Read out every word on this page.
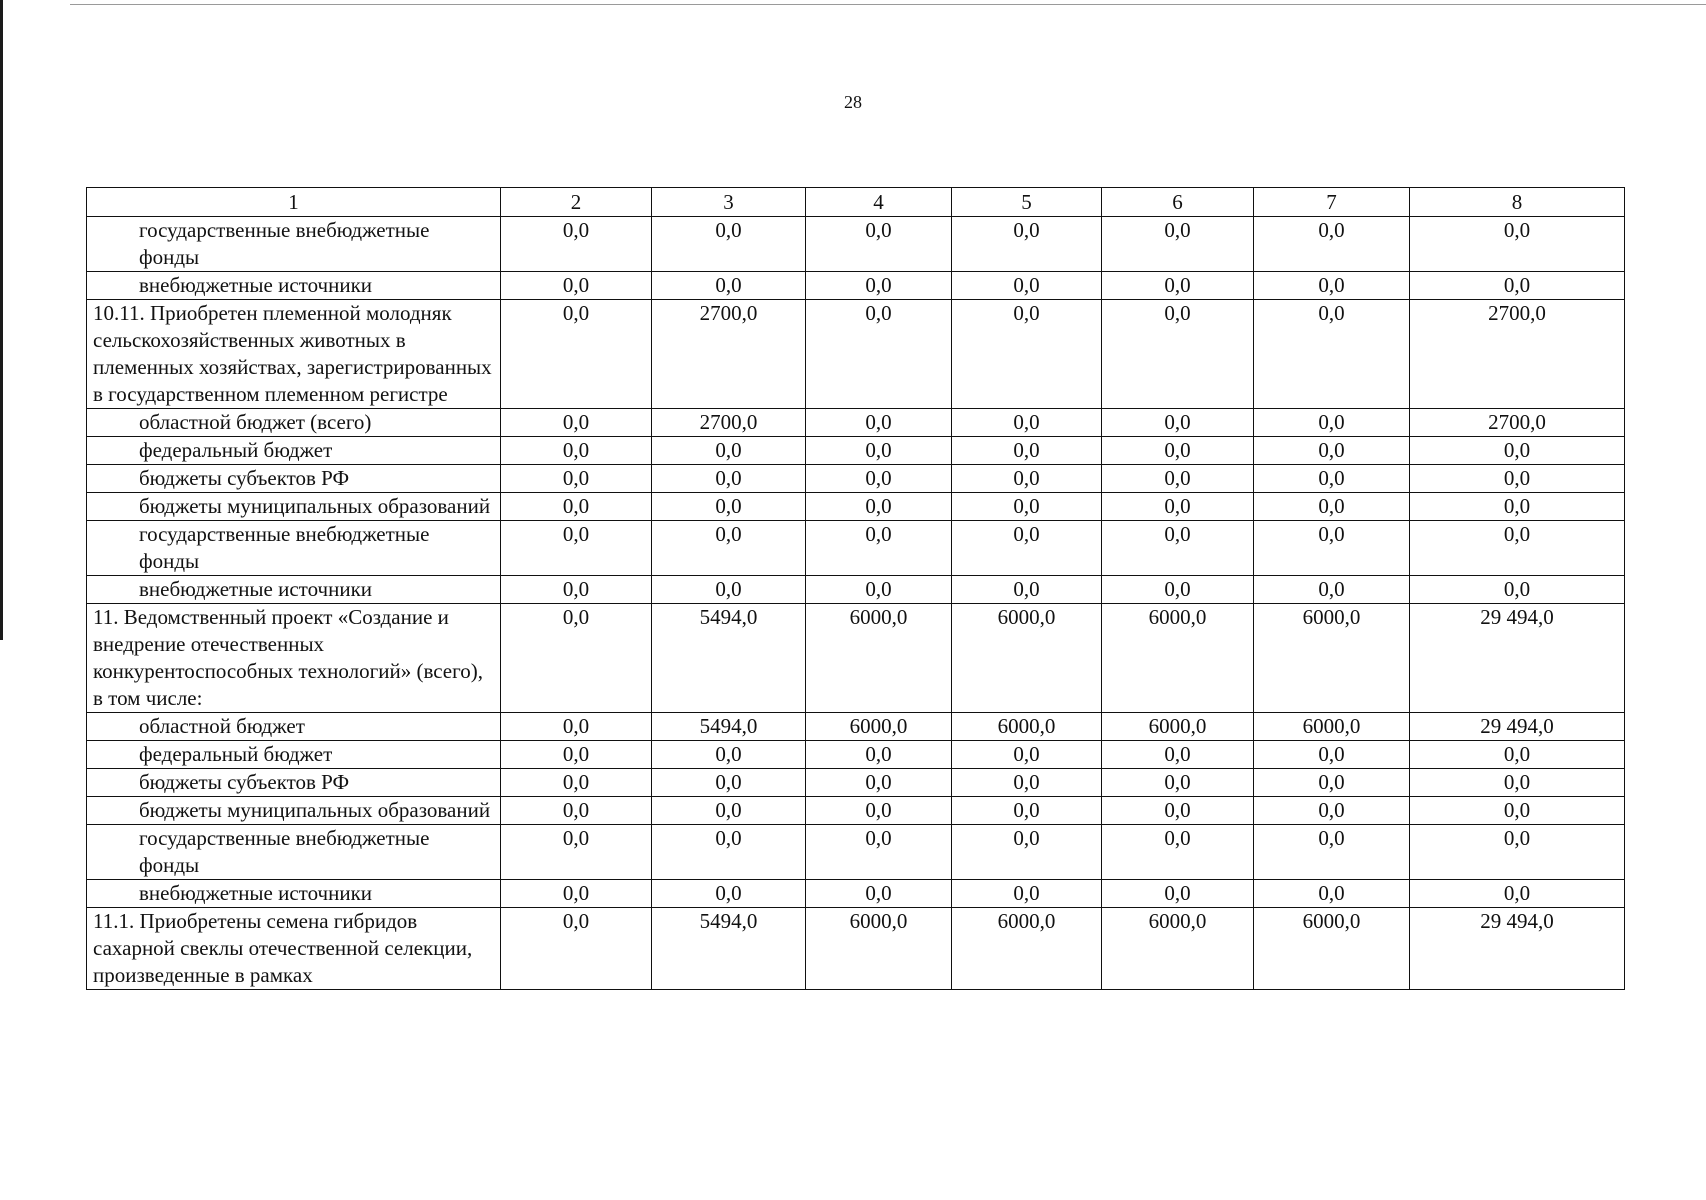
28
1	2	3	4	5	6	7	8
государственные внебюджетные фонды	0,0	0,0	0,0	0,0	0,0	0,0	0,0
внебюджетные источники	0,0	0,0	0,0	0,0	0,0	0,0	0,0
10.11. Приобретен племенной молодняк сельскохозяйственных животных в племенных хозяйствах, зарегистрированных в государственном племенном регистре	0,0	2700,0	0,0	0,0	0,0	0,0	2700,0
областной бюджет (всего)	0,0	2700,0	0,0	0,0	0,0	0,0	2700,0
федеральный бюджет	0,0	0,0	0,0	0,0	0,0	0,0	0,0
бюджеты субъектов РФ	0,0	0,0	0,0	0,0	0,0	0,0	0,0
бюджеты муниципальных образований	0,0	0,0	0,0	0,0	0,0	0,0	0,0
государственные внебюджетные фонды	0,0	0,0	0,0	0,0	0,0	0,0	0,0
внебюджетные источники	0,0	0,0	0,0	0,0	0,0	0,0	0,0
11. Ведомственный проект «Создание и внедрение отечественных конкурентоспособных технологий» (всего), в том числе:	0,0	5494,0	6000,0	6000,0	6000,0	6000,0	29 494,0
областной бюджет	0,0	5494,0	6000,0	6000,0	6000,0	6000,0	29 494,0
федеральный бюджет	0,0	0,0	0,0	0,0	0,0	0,0	0,0
бюджеты субъектов РФ	0,0	0,0	0,0	0,0	0,0	0,0	0,0
бюджеты муниципальных образований	0,0	0,0	0,0	0,0	0,0	0,0	0,0
государственные внебюджетные фонды	0,0	0,0	0,0	0,0	0,0	0,0	0,0
внебюджетные источники	0,0	0,0	0,0	0,0	0,0	0,0	0,0
11.1. Приобретены семена гибридов сахарной свеклы отечественной селекции, произведенные в рамках	0,0	5494,0	6000,0	6000,0	6000,0	6000,0	29 494,0
